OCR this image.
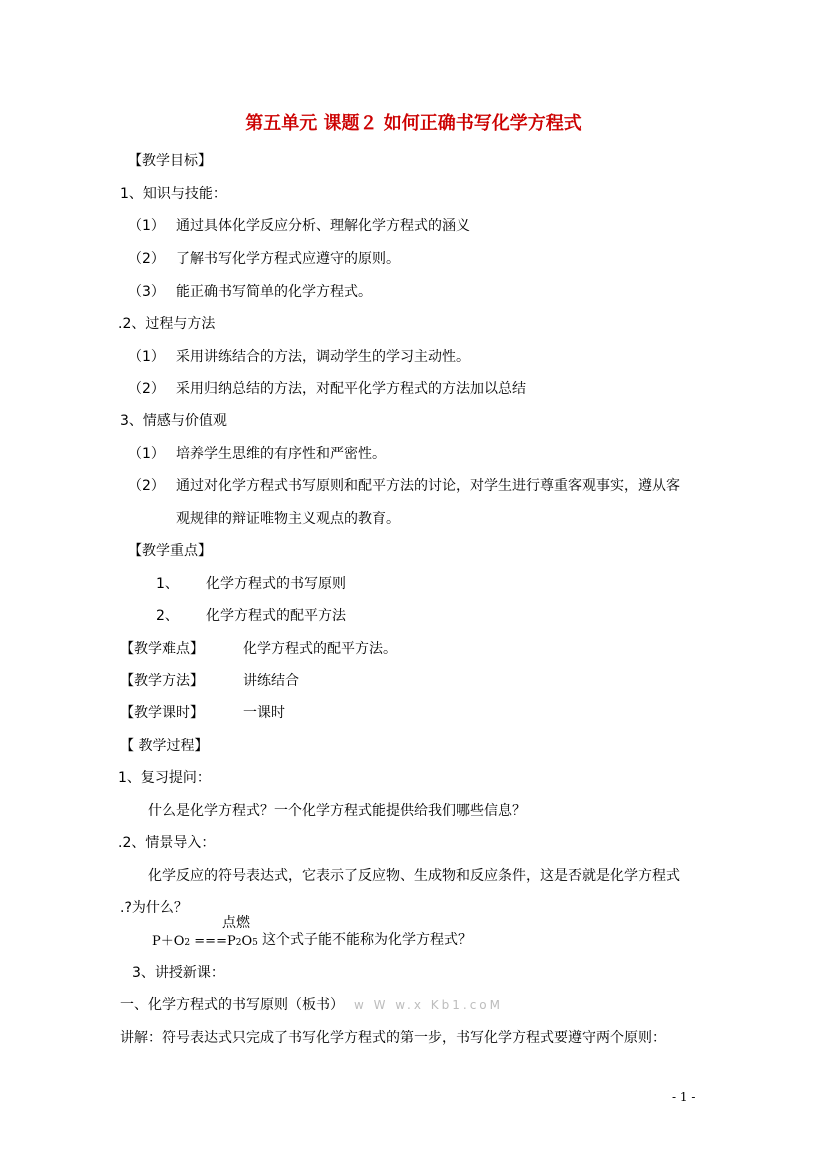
第五单元 课题２ 如何正确书写化学方程式
【教学目标】
1、知识与技能：
（1） 通过具体化学反应分析、理解化学方程式的涵义
（2） 了解书写化学方程式应遵守的原则。
（3） 能正确书写简单的化学方程式。
.2、过程与方法
（1） 采用讲练结合的方法，调动学生的学习主动性。
（2） 采用归纳总结的方法，对配平化学方程式的方法加以总结
3、情感与价值观
（1） 培养学生思维的有序性和严密性。
（2） 通过对化学方程式书写原则和配平方法的讨论，对学生进行尊重客观事实，遵从客
观规律的辩证唯物主义观点的教育。
【教学重点】
1、 化学方程式的书写原则
2、 化学方程式的配平方法
【教学难点】	化学方程式的配平方法。
【教学方法】	讲练结合
【教学课时】	一课时
【 教学过程】
1、复习提问：
什么是化学方程式？一个化学方程式能提供给我们哪些信息？
.2、情景导入：
化学反应的符号表达式，它表示了反应物、生成物和反应条件，这是否就是化学方程式
.?为什么？
点燃
P＋O2 ===P2O5 这个式子能不能称为化学方程式？
3、讲授新课：
一、化学方程式的书写原则（板书） w W w.x Kb1.coM
讲解：符号表达式只完成了书写化学方程式的第一步，书写化学方程式要遵守两个原则：
- 1 -
